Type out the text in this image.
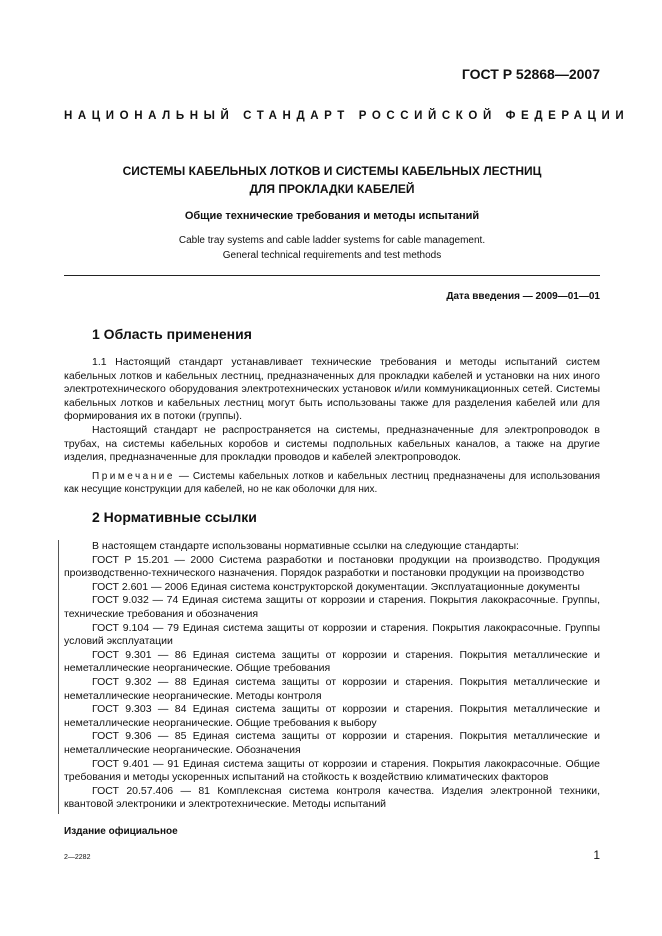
ГОСТ Р 52868—2007
НАЦИОНАЛЬНЫЙ СТАНДАРТ РОССИЙСКОЙ ФЕДЕРАЦИИ
СИСТЕМЫ КАБЕЛЬНЫХ ЛОТКОВ И СИСТЕМЫ КАБЕЛЬНЫХ ЛЕСТНИЦ
ДЛЯ ПРОКЛАДКИ КАБЕЛЕЙ
Общие технические требования и методы испытаний
Cable tray systems and cable ladder systems for cable management.
General technical requirements and test methods
Дата введения — 2009—01—01
1 Область применения
1.1 Настоящий стандарт устанавливает технические требования и методы испытаний систем кабельных лотков и кабельных лестниц, предназначенных для прокладки кабелей и установки на них иного электротехнического оборудования электротехнических установок и/или коммуникационных сетей. Системы кабельных лотков и кабельных лестниц могут быть использованы также для разделения кабелей или для формирования их в потоки (группы).
Настоящий стандарт не распространяется на системы, предназначенные для электропроводок в трубах, на системы кабельных коробов и системы подпольных кабельных каналов, а также на другие изделия, предназначенные для прокладки проводов и кабелей электропроводок.
Примечание — Системы кабельных лотков и кабельных лестниц предназначены для использования как несущие конструкции для кабелей, но не как оболочки для них.
2 Нормативные ссылки
В настоящем стандарте использованы нормативные ссылки на следующие стандарты:
ГОСТ Р 15.201 — 2000 Система разработки и постановки продукции на производство. Продукция производственно-технического назначения. Порядок разработки и постановки продукции на производство
ГОСТ 2.601 — 2006 Единая система конструкторской документации. Эксплуатационные документы
ГОСТ 9.032 — 74 Единая система защиты от коррозии и старения. Покрытия лакокрасочные. Группы, технические требования и обозначения
ГОСТ 9.104 — 79 Единая система защиты от коррозии и старения. Покрытия лакокрасочные. Группы условий эксплуатации
ГОСТ 9.301 — 86 Единая система защиты от коррозии и старения. Покрытия металлические и неметаллические неорганические. Общие требования
ГОСТ 9.302 — 88 Единая система защиты от коррозии и старения. Покрытия металлические и неметаллические неорганические. Методы контроля
ГОСТ 9.303 — 84 Единая система защиты от коррозии и старения. Покрытия металлические и неметаллические неорганические. Общие требования к выбору
ГОСТ 9.306 — 85 Единая система защиты от коррозии и старения. Покрытия металлические и неметаллические неорганические. Обозначения
ГОСТ 9.401 — 91 Единая система защиты от коррозии и старения. Покрытия лакокрасочные. Общие требования и методы ускоренных испытаний на стойкость к воздействию климатических факторов
ГОСТ 20.57.406 — 81 Комплексная система контроля качества. Изделия электронной техники, квантовой электроники и электротехнические. Методы испытаний
Издание официальное
2—2282	1
